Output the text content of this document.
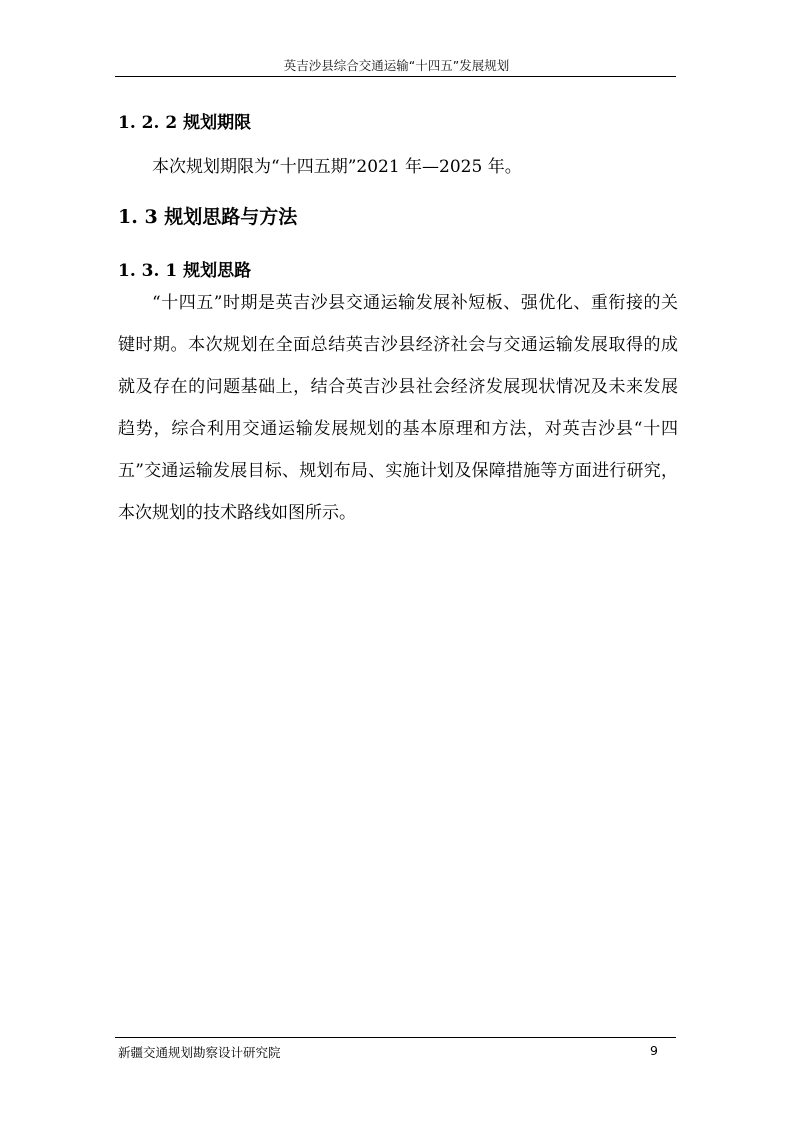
英吉沙县综合交通运输“十四五”发展规划
1. 2. 2 规划期限

本次规划期限为“十四五期”2021 年—2025 年。

1. 3 规划思路与方法
1. 3. 1 规划思路

“十四五”时期是英吉沙县交通运输发展补短板、强优化、重衔接的关键时期。本次规划在全面总结英吉沙县经济社会与交通运输发展取得的成就及存在的问题基础上，结合英吉沙县社会经济发展现状情况及未来发展趋势，综合利用交通运输发展规划的基本原理和方法，对英吉沙县“十四五”交通运输发展目标、规划布局、实施计划及保障措施等方面进行研究，本次规划的技术路线如图所示。

新疆交通规划勘察设计研究院	9
